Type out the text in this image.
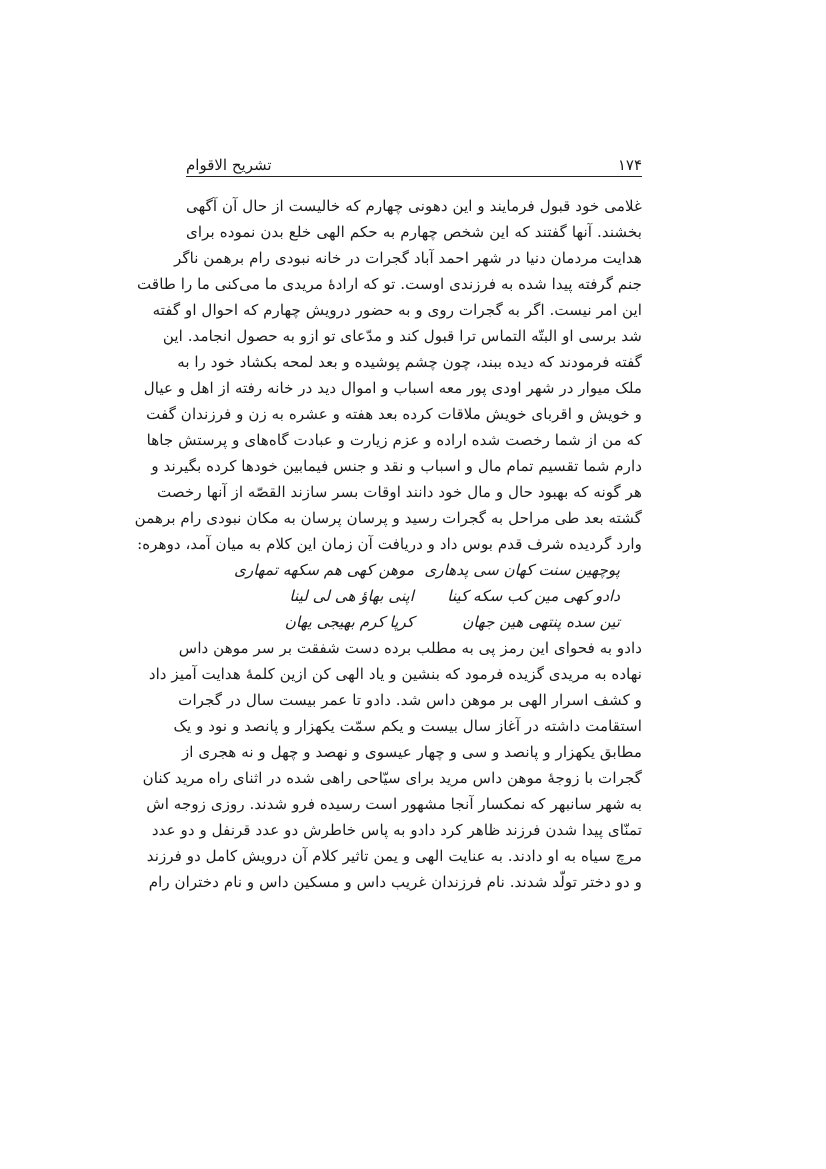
تشریح الاقوام	۱۷۴
غلامی خود قبول فرمایند و این دهونی چهارم که خالیست از حال آن آگهی
بخشند. آنها گفتند که این شخص چهارم به حکم الهی خلع بدن نموده برای
هدایت مردمان دنیا در شهر احمد آباد گجرات در خانه نبودی رام برهمن ناگر
جنم گرفته پیدا شده به فرزندی اوست. تو که ارادۀ مریدی ما می‌کنی ما را طاقت
این امر نیست. اگر به گجرات روی و به حضور درویش چهارم که احوال او گفته
شد برسی او البتّه التماس ترا قبول کند و مدّعای تو ازو به حصول انجامد. این
گفته فرمودند که دیده ببند، چون چشم پوشیده و بعد لمحه بکشاد خود را به
ملک میوار در شهر اودی پور معه اسباب و اموال دید در خانه رفته از اهل و عیال
و خویش و اقربای خویش ملاقات کرده بعد هفته و عشره به زن و فرزندان گفت
که من از شما رخصت شده اراده و عزم زیارت و عبادت گاه‌های و پرستش جاها
دارم شما تقسیم تمام مال و اسباب و نقد و جنس فیمابین خودها کرده بگیرند و
هر گونه که بهبود حال و مال خود دانند اوقات بسر سازند القصّه از آنها رخصت
گشته بعد طی مراحل به گجرات رسید و پرسان پرسان به مکان نبودی رام برهمن
وارد گردیده شرف قدم بوس داد و دریافت آن زمان این کلام به میان آمد، دوهره:
پوچهین سنت کهان سی پدهاری
موهن کهی هم سکهه تمهاری
دادو کهی مین کب سکه کینا
اپنی بهاؤ هی لی لینا
تین سده پنتهی هین جهان
کرپا کرم بهیجی یهان
دادو به فحوای این رمز پی به مطلب برده دست شفقت بر سر موهن داس
نهاده به مریدی گزیده فرمود که بنشین و یاد الهی کن ازین کلمۀ هدایت آمیز داد
و کشف اسرار الهی بر موهن داس شد. دادو تا عمر بیست سال در گجرات
استقامت داشته در آغاز سال بیست و یکم سمّت یکهزار و پانصد و نود و یک
مطابق یکهزار و پانصد و سی و چهار عیسوی و نهصد و چهل و نه هجری از
گجرات با زوجۀ موهن داس مرید برای سیّاحی راهی شده در اثنای راه مرید کنان
به شهر سانبهر که نمکسار آنجا مشهور است رسیده فرو شدند. روزی زوجه اش
تمنّای پیدا شدن فرزند ظاهر کرد دادو به پاس خاطرش دو عدد قرنفل و دو عدد
مرچ سیاه به او دادند. به عنایت الهی و یمن تاثیر کلام آن درویش کامل دو فرزند
و دو دختر تولّد شدند. نام فرزندان غریب داس و مسکین داس و نام دختران رام
